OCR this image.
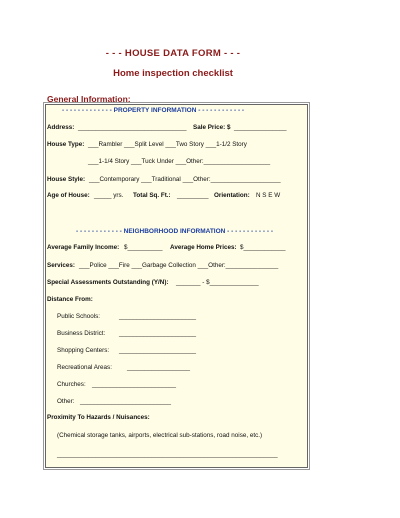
- - - HOUSE DATA FORM - - -
Home inspection checklist
General Information:
- - - - - - - - - - - - - PROPERTY INFORMATION - - - - - - - - - - - -
Address: _______________________________ Sale Price: $ _______________
House Type: ___Rambler ___Split Level ___Two Story ___1-1/2 Story
___1-1/4 Story ___Tuck Under ___Other:___________________
House Style: ___Contemporary ___Traditional ___Other:____________________
Age of House: _____ yrs. Total Sq. Ft.: _________ Orientation: N S E W
- - - - - - - - - - - - NEIGHBORHOOD INFORMATION - - - - - - - - - - - -
Average Family Income: $__________ Average Home Prices: $____________
Services: ___Police ___Fire ___Garbage Collection ___Other:_______________
Special Assessments Outstanding (Y/N): _______ - $______________
Distance From:
Public Schools:	______________________
Business District: ______________________
Shopping Centers: ______________________
Recreational Areas: __________________
Churches: ________________________
Other: __________________________
Proximity To Hazards / Nuisances:
(Chemical storage tanks, airports, electrical sub-stations, road noise, etc.)
_______________________________________________________________
